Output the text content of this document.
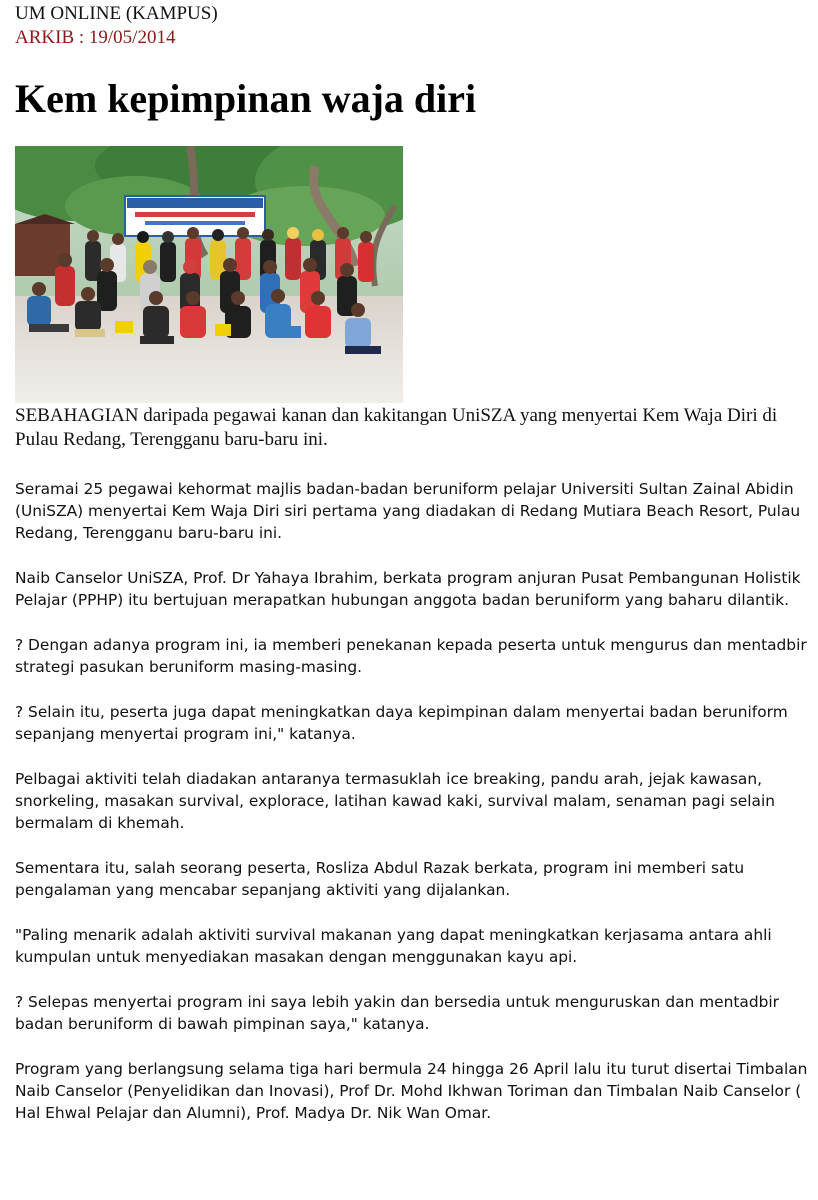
UM ONLINE (KAMPUS)
ARKIB : 19/05/2014
Kem kepimpinan waja diri
SEBAHAGIAN daripada pegawai kanan dan kakitangan UniSZA yang menyertai Kem Waja Diri di Pulau Redang, Terengganu baru-baru ini.

Seramai 25 pegawai kehormat majlis badan-badan beruniform pelajar Universiti Sultan Zainal Abidin (UniSZA) menyertai Kem Waja Diri siri pertama yang diadakan di Redang Mutiara Beach Resort, Pulau Redang, Terengganu baru-baru ini.

Naib Canselor UniSZA, Prof. Dr Yahaya Ibrahim, berkata program anjuran Pusat Pembangunan Holistik Pelajar (PPHP) itu bertujuan merapatkan hubungan anggota badan beruniform yang baharu dilantik.

? Dengan adanya program ini, ia memberi penekanan kepada peserta untuk mengurus dan mentadbir strategi pasukan beruniform masing-masing.

? Selain itu, peserta juga dapat meningkatkan daya kepimpinan dalam menyertai badan beruniform sepanjang menyertai program ini," katanya.

Pelbagai aktiviti telah diadakan antaranya termasuklah ice breaking, pandu arah, jejak kawasan, snorkeling, masakan survival, explorace, latihan kawad kaki, survival malam, senaman pagi selain bermalam di khemah.

Sementara itu, salah seorang peserta, Rosliza Abdul Razak berkata, program ini memberi satu pengalaman yang mencabar sepanjang aktiviti yang dijalankan.

"Paling menarik adalah aktiviti survival makanan yang dapat meningkatkan kerjasama antara ahli kumpulan untuk menyediakan masakan dengan menggunakan kayu api.

? Selepas menyertai program ini saya lebih yakin dan bersedia untuk menguruskan dan mentadbir badan beruniform di bawah pimpinan saya," katanya.

Program yang berlangsung selama tiga hari bermula 24 hingga 26 April lalu itu turut disertai Timbalan Naib Canselor (Penyelidikan dan Inovasi), Prof Dr. Mohd Ikhwan Toriman dan Timbalan Naib Canselor ( Hal Ehwal Pelajar dan Alumni), Prof. Madya Dr. Nik Wan Omar.
